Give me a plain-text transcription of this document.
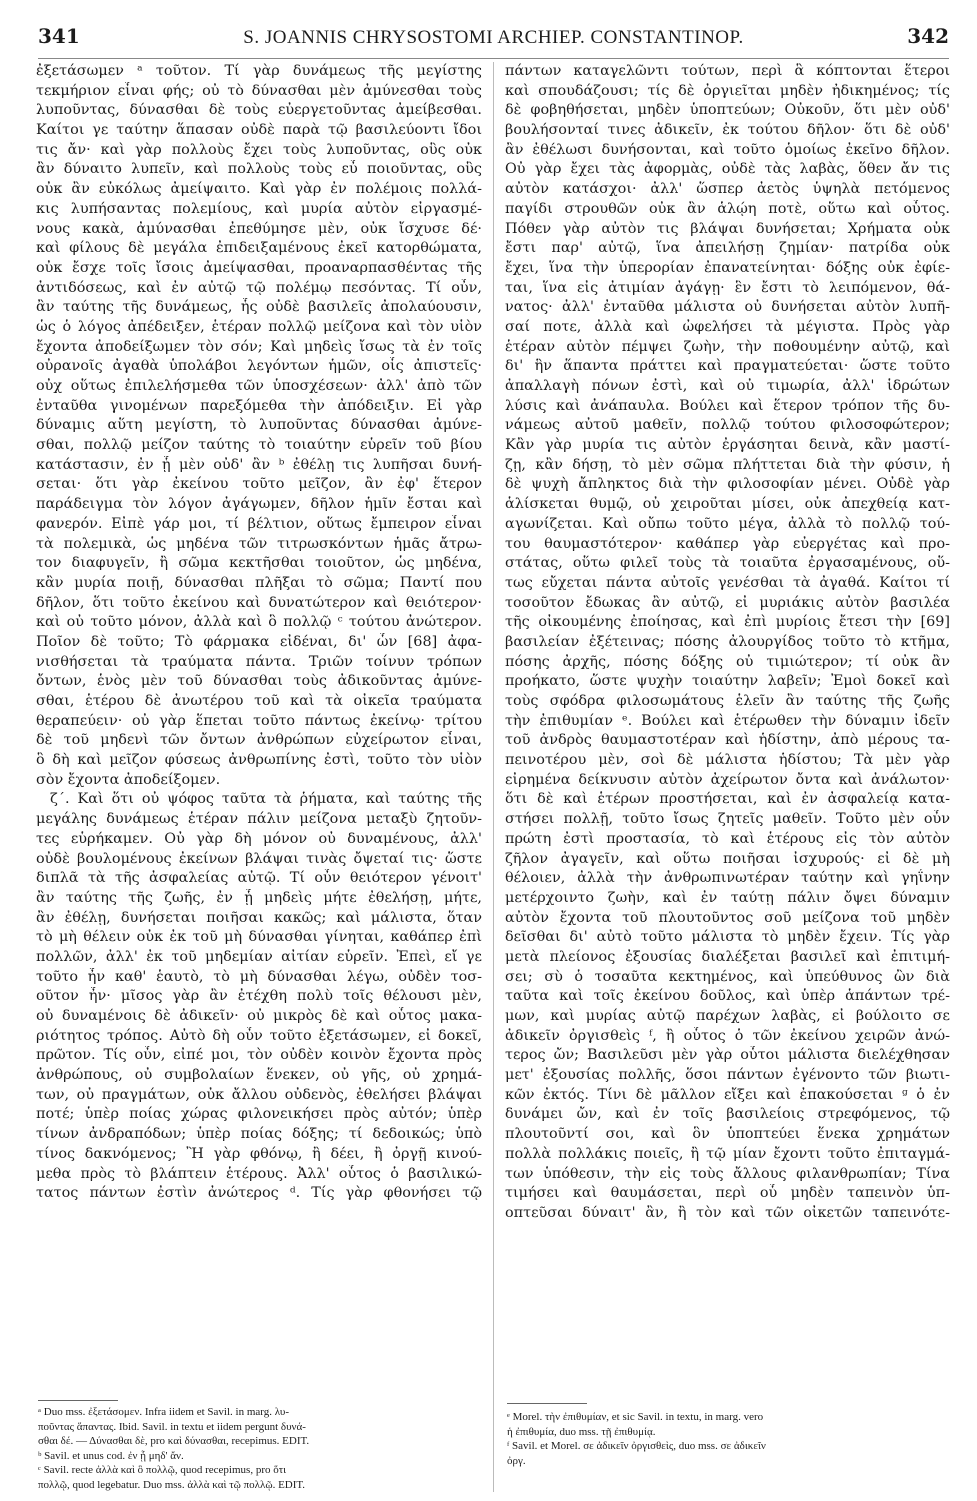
341	S. JOANNIS CHRYSOSTOMI ARCHIEP. CONSTANTINOP.	342
ἐξετάσωμεν ᵃ τοῦτον. Τί γὰρ δυνάμεως τῆς μεγίστης
τεκμήριον εἶναι φής; οὐ τὸ δύνασθαι μὲν ἀμύνεσθαι τοὺς
λυποῦντας, δύνασθαι δὲ τοὺς εὐεργετοῦντας ἀμείβεσθαι.
Καίτοι γε ταύτην ἅπασαν οὐδὲ παρὰ τῷ βασιλεύοντι ἴδοι
τις ἄν· καὶ γὰρ πολλοὺς ἔχει τοὺς λυποῦντας, οὓς οὐκ
ἂν δύναιτο λυπεῖν, καὶ πολλοὺς τοὺς εὖ ποιοῦντας, οὓς
οὐκ ἂν εὐκόλως ἀμείψαιτο. Καὶ γὰρ ἐν πολέμοις πολλά-
κις λυπήσαντας πολεμίους, καὶ μυρία αὐτὸν εἰργασμέ-
νους κακὰ, ἀμύνασθαι ἐπεθύμησε μὲν, οὐκ ἴσχυσε δέ·
καὶ φίλους δὲ μεγάλα ἐπιδειξαμένους ἐκεῖ κατορθώματα,
οὐκ ἔσχε τοῖς ἴσοις ἀμείψασθαι, προαναρπασθέντας τῆς
ἀντιδόσεως, καὶ ἐν αὐτῷ τῷ πολέμῳ πεσόντας. Τί οὖν,
ἂν ταύτης τῆς δυνάμεως, ἧς οὐδὲ βασιλεῖς ἀπολαύουσιν,
ὡς ὁ λόγος ἀπέδειξεν, ἑτέραν πολλῷ μείζονα καὶ τὸν υἱὸν
ἔχοντα ἀποδείξωμεν τὸν σόν; Καὶ μηδεὶς ἴσως τὰ ἐν τοῖς
οὐρανοῖς ἀγαθὰ ὑπολάβοι λεγόντων ἡμῶν, οἷς ἀπιστεῖς·
οὐχ οὕτως ἐπιλελήσμεθα τῶν ὑποσχέσεων· ἀλλ' ἀπὸ τῶν
ἐνταῦθα γινομένων παρεξόμεθα τὴν ἀπόδειξιν. Εἰ γὰρ
δύναμις αὕτη μεγίστη, τὸ λυποῦντας δύνασθαι ἀμύνε-
σθαι, πολλῷ μείζον ταύτης τὸ τοιαύτην εὑρεῖν τοῦ βίου
κατάστασιν, ἐν ᾗ μὲν οὐδ' ἂν ᵇ ἐθέλῃ τις λυπῆσαι δυνή-
σεται· ὅτι γὰρ ἐκείνου τοῦτο μεῖζον, ἂν ἐφ' ἕτερον
παράδειγμα τὸν λόγον ἀγάγωμεν, δῆλον ἡμῖν ἔσται καὶ
φανερόν. Εἰπὲ γάρ μοι, τί βέλτιον, οὕτως ἔμπειρον εἶναι
τὰ πολεμικὰ, ὡς μηδένα τῶν τιτρωσκόντων ἡμᾶς ἄτρω-
τον διαφυγεῖν, ἢ σῶμα κεκτῆσθαι τοιοῦτον, ὡς μηδένα,
κἂν μυρία ποιῇ, δύνασθαι πλῆξαι τὸ σῶμα; Παντί που
δῆλον, ὅτι τοῦτο ἐκείνου καὶ δυνατώτερον καὶ θειότερον·
καὶ οὐ τοῦτο μόνον, ἀλλὰ καὶ ὃ πολλῷ ᶜ τούτου ἀνώτερον.
Ποῖον δὲ τοῦτο; Τὸ φάρμακα εἰδέναι, δι' ὧν [68] ἀφα-
νισθήσεται τὰ τραύματα πάντα. Τριῶν τοίνυν τρόπων
ὄντων, ἑνὸς μὲν τοῦ δύνασθαι τοὺς ἀδικοῦντας ἀμύνε-
σθαι, ἑτέρου δὲ ἀνωτέρου τοῦ καὶ τὰ οἰκεῖα τραύματα
θεραπεύειν· οὐ γὰρ ἕπεται τοῦτο πάντως ἐκείνῳ· τρίτου
δὲ τοῦ μηδενὶ τῶν ὄντων ἀνθρώπων εὐχείρωτον εἶναι,
ὃ δὴ καὶ μεῖζον φύσεως ἀνθρωπίνης ἐστὶ, τοῦτο τὸν υἱὸν
σὸν ἔχοντα ἀποδείξομεν.
ζ΄. Καὶ ὅτι οὐ ψόφος ταῦτα τὰ ῥήματα, καὶ ταύτης τῆς
μεγάλης δυνάμεως ἑτέραν πάλιν μείζονα μεταξὺ ζητοῦν-
τες εὑρήκαμεν. Οὐ γὰρ δὴ μόνον οὐ δυναμένους, ἀλλ'
οὐδὲ βουλομένους ἐκείνων βλάψαι τινὰς ὄψεταί τις· ὥστε
διπλᾶ τὰ τῆς ἀσφαλείας αὐτῷ. Τί οὖν θειότερον γένοιτ'
ἂν ταύτης τῆς ζωῆς, ἐν ᾗ μηδεὶς μήτε ἐθελήσῃ, μήτε,
ἂν ἐθέλῃ, δυνήσεται ποιῆσαι κακῶς; καὶ μάλιστα, ὅταν
τὸ μὴ θέλειν οὐκ ἐκ τοῦ μὴ δύνασθαι γίνηται, καθάπερ ἐπὶ
πολλῶν, ἀλλ' ἐκ τοῦ μηδεμίαν αἰτίαν εὑρεῖν. Ἐπεὶ, εἴ γε
τοῦτο ἦν καθ' ἑαυτὸ, τὸ μὴ δύνασθαι λέγω, οὐδὲν τοσ-
οῦτον ἦν· μῖσος γὰρ ἂν ἐτέχθη πολὺ τοῖς θέλουσι μὲν,
οὐ δυναμένοις δὲ ἀδικεῖν· οὐ μικρὸς δὲ καὶ οὗτος μακα-
ριότητος τρόπος. Αὐτὸ δὴ οὖν τοῦτο ἐξετάσωμεν, εἰ δοκεῖ,
πρῶτον. Τίς οὖν, εἰπέ μοι, τὸν οὐδὲν κοινὸν ἔχοντα πρὸς
ἀνθρώπους, οὐ συμβολαίων ἕνεκεν, οὐ γῆς, οὐ χρημά-
των, οὐ πραγμάτων, οὐκ ἄλλου οὐδενὸς, ἐθελήσει βλάψαι
ποτέ; ὑπὲρ ποίας χώρας φιλονεικήσει πρὸς αὐτόν; ὑπὲρ
τίνων ἀνδραπόδων; ὑπὲρ ποίας δόξης; τί δεδοικώς; ὑπὸ
τίνος δακνόμενος; Ἢ γὰρ φθόνῳ, ἢ δέει, ἢ ὀργῇ κινού-
μεθα πρὸς τὸ βλάπτειν ἑτέρους. Ἀλλ' οὗτος ὁ βασιλικώ-
τατος πάντων ἐστὶν ἀνώτερος ᵈ. Τίς γὰρ φθονήσει τῷ
πάντων καταγελῶντι τούτων, περὶ ἃ κόπτονται ἕτεροι
καὶ σπουδάζουσι; τίς δὲ ὀργιεῖται μηδὲν ἠδικημένος; τίς
δὲ φοβηθήσεται, μηδὲν ὑποπτεύων; Οὐκοῦν, ὅτι μὲν οὐδ'
βουλήσονταί τινες ἀδικεῖν, ἐκ τούτου δῆλον· ὅτι δὲ οὐδ'
ἂν ἐθέλωσι δυνήσονται, καὶ τοῦτο ὁμοίως ἐκεῖνο δῆλον.
Οὐ γὰρ ἔχει τὰς ἀφορμὰς, οὐδὲ τὰς λαβὰς, ὅθεν ἄν τις
αὐτὸν κατάσχοι· ἀλλ' ὥσπερ ἀετὸς ὑψηλὰ πετόμενος
παγίδι στρουθῶν οὐκ ἂν ἁλῴη ποτὲ, οὕτω καὶ οὗτος.
Πόθεν γὰρ αὐτὸν τις βλάψαι δυνήσεται; Χρήματα οὐκ
ἔστι παρ' αὐτῷ, ἵνα ἀπειλήσῃ ζημίαν· πατρίδα οὐκ
ἔχει, ἵνα τὴν ὑπερορίαν ἐπανατείνηται· δόξης οὐκ ἐφίε-
ται, ἵνα εἰς ἀτιμίαν ἀγάγῃ· ἓν ἔστι τὸ λειπόμενον, θά-
νατος· ἀλλ' ἐνταῦθα μάλιστα οὐ δυνήσεται αὐτὸν λυπῆ-
σαί ποτε, ἀλλὰ καὶ ὠφελήσει τὰ μέγιστα. Πρὸς γὰρ
ἑτέραν αὐτὸν πέμψει ζωὴν, τὴν ποθουμένην αὐτῷ, καὶ
δι' ἣν ἅπαντα πράττει καὶ πραγματεύεται· ὥστε τοῦτο
ἀπαλλαγὴ πόνων ἐστὶ, καὶ οὐ τιμωρία, ἀλλ' ἱδρώτων
λύσις καὶ ἀνάπαυλα. Βούλει καὶ ἕτερον τρόπον τῆς δυ-
νάμεως αὐτοῦ μαθεῖν, πολλῷ τούτου φιλοσοφώτερον;
Κἂν γὰρ μυρία τις αὐτὸν ἐργάσηται δεινὰ, κἂν μαστί-
ζῃ, κἂν δήσῃ, τὸ μὲν σῶμα πλήττεται διὰ τὴν φύσιν, ἡ
δὲ ψυχὴ ἄπληκτος διὰ τὴν φιλοσοφίαν μένει. Οὐδὲ γὰρ
ἁλίσκεται θυμῷ, οὐ χειροῦται μίσει, οὐκ ἀπεχθείᾳ κατ-
αγωνίζεται. Καὶ οὔπω τοῦτο μέγα, ἀλλὰ τὸ πολλῷ τού-
του θαυμαστότερον· καθάπερ γὰρ εὐεργέτας καὶ προ-
στάτας, οὕτω φιλεῖ τοὺς τὰ τοιαῦτα ἐργασαμένους, οὕ-
τως εὔχεται πάντα αὐτοῖς γενέσθαι τὰ ἀγαθά. Καίτοι τί
τοσοῦτον ἔδωκας ἂν αὐτῷ, εἰ μυριάκις αὐτὸν βασιλέα
τῆς οἰκουμένης ἐποίησας, καὶ ἐπὶ μυρίοις ἔτεσι τὴν [69]
βασιλείαν ἐξέτεινας; πόσης ἀλουργίδος τοῦτο τὸ κτῆμα,
πόσης ἀρχῆς, πόσης δόξης οὐ τιμιώτερον; τί οὐκ ἂν
προήκατο, ὥστε ψυχὴν τοιαύτην λαβεῖν; Ἐμοὶ δοκεῖ καὶ
τοὺς σφόδρα φιλοσωμάτους ἑλεῖν ἂν ταύτης τῆς ζωῆς
τὴν ἐπιθυμίαν ᵉ. Βούλει καὶ ἑτέρωθεν τὴν δύναμιν ἰδεῖν
τοῦ ἀνδρὸς θαυμαστοτέραν καὶ ἡδίστην, ἀπὸ μέρους τα-
πεινοτέρου μὲν, σοὶ δὲ μάλιστα ἡδίστου; Τὰ μὲν γὰρ
εἰρημένα δείκνυσιν αὐτὸν ἀχείρωτον ὄντα καὶ ἀνάλωτον·
ὅτι δὲ καὶ ἑτέρων προστήσεται, καὶ ἐν ἀσφαλείᾳ κατα-
στήσει πολλῇ, τοῦτο ἴσως ζητεῖς μαθεῖν. Τοῦτο μὲν οὖν
πρώτη ἐστὶ προστασία, τὸ καὶ ἑτέρους εἰς τὸν αὐτὸν
ζῆλον ἀγαγεῖν, καὶ οὕτω ποιῆσαι ἰσχυρούς· εἰ δὲ μὴ
θέλοιεν, ἀλλὰ τὴν ἀνθρωπινωτέραν ταύτην καὶ γηΐνην
μετέρχοιντο ζωὴν, καὶ ἐν ταύτῃ πάλιν ὄψει δύναμιν
αὐτὸν ἔχοντα τοῦ πλουτοῦντος σοῦ μείζονα τοῦ μηδὲν
δεῖσθαι δι' αὐτὸ τοῦτο μάλιστα τὸ μηδὲν ἔχειν. Τίς γὰρ
μετὰ πλείονος ἐξουσίας διαλέξεται βασιλεῖ καὶ ἐπιτιμή-
σει; σὺ ὁ τοσαῦτα κεκτημένος, καὶ ὑπεύθυνος ὢν διὰ
ταῦτα καὶ τοῖς ἐκείνου δοῦλος, καὶ ὑπὲρ ἁπάντων τρέ-
μων, καὶ μυρίας αὐτῷ παρέχων λαβὰς, εἰ βούλοιτο σε
ἀδικεῖν ὀργισθεὶς ᶠ, ἢ οὗτος ὁ τῶν ἐκείνου χειρῶν ἀνώ-
τερος ὤν; Βασιλεῦσι μὲν γὰρ οὗτοι μάλιστα διελέχθησαν
μετ' ἐξουσίας πολλῆς, ὅσοι πάντων ἐγένοντο τῶν βιωτι-
κῶν ἐκτός. Τίνι δὲ μᾶλλον εἴξει καὶ ἐπακούσεται ᵍ ὁ ἐν
δυνάμει ὤν, καὶ ἐν τοῖς βασιλείοις στρεφόμενος, τῷ
πλουτοῦντί σοι, καὶ ὃν ὑποπτεύει ἕνεκα χρημάτων
πολλὰ πολλάκις ποιεῖς, ἢ τῷ μίαν ἔχοντι τοῦτο ἐπιταγμά-
των ὑπόθεσιν, τὴν εἰς τοὺς ἄλλους φιλανθρωπίαν; Τίνα
τιμήσει καὶ θαυμάσεται, περὶ οὗ μηδὲν ταπεινὸν ὑπ-
οπτεῦσαι δύναιτ' ἂν, ἢ τὸν καὶ τῶν οἰκετῶν ταπεινότε-
ᵃ Duo mss. ἐξετάσομεν. Infra iidem et Savil. in marg. λυ-
ποῦντας ἅπαντας. Ibid. Savil. in textu et iidem pergunt δυνά-
σθαι δέ. — Δύνασθαι δὲ, pro καὶ δύνασθαι, recepimus. EDIT.
ᵇ Savil. et unus cod. ἐν ᾗ μηδ' ἄν.
ᶜ Savil. recte ἀλλὰ καὶ ὃ πολλῷ, quod recepimus, pro ὅτι
πολλῷ, quod legebatur. Duo mss. ἀλλὰ καὶ τῷ πολλῷ. EDIT.
ᵉ Morel. τὴν ἐπιθυμίαν, et sic Savil. in textu, in marg. vero
ἡ ἐπιθυμία, duo mss. τῇ ἐπιθυμίᾳ.
ᶠ Savil. et Morel. σε ἀδικεῖν ὀργισθεὶς, duo mss. σε ἀδικεῖν
ὀργ.
